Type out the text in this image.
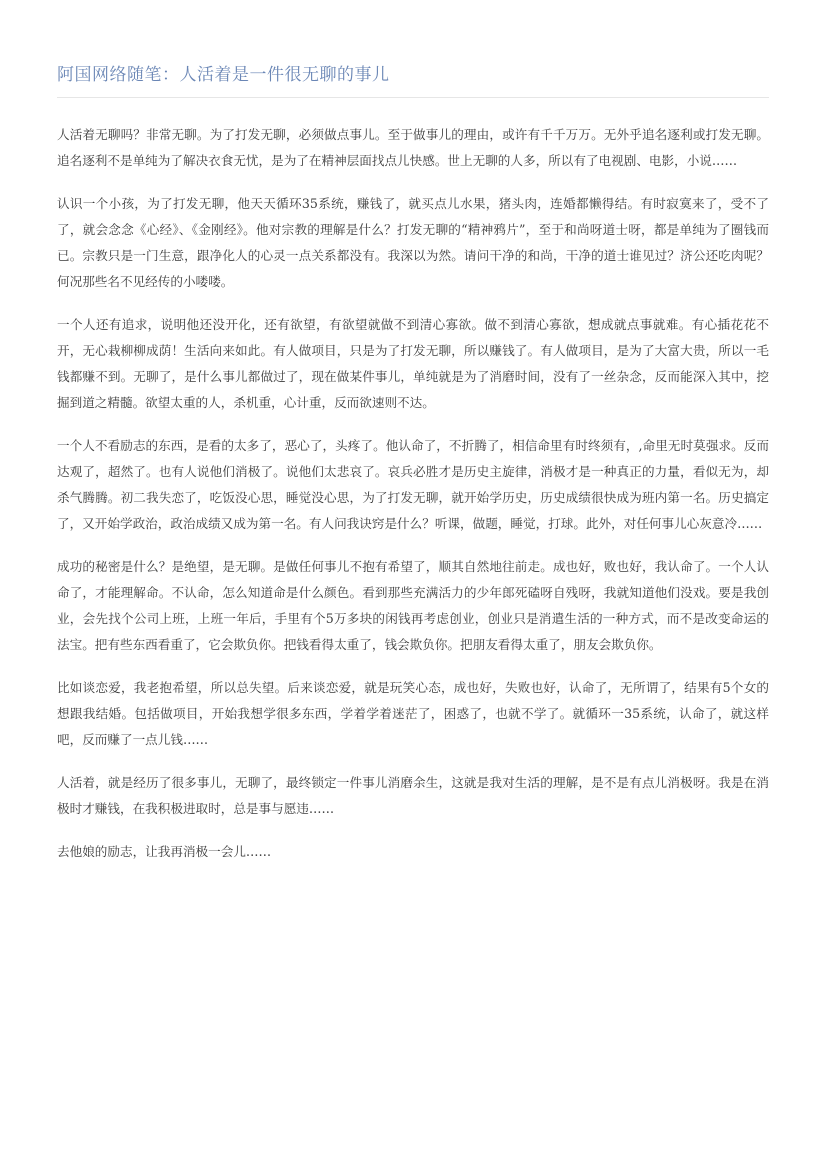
阿国网络随笔：人活着是一件很无聊的事儿

人活着无聊吗？非常无聊。为了打发无聊，必须做点事儿。至于做事儿的理由，或许有千千万万。无外乎追名逐利或打发无聊。追名逐利不是单纯为了解决衣食无忧，是为了在精神层面找点儿快感。世上无聊的人多，所以有了电视剧、电影，小说……

认识一个小孩，为了打发无聊，他天天循环35系统，赚钱了，就买点儿水果，猪头肉，连婚都懒得结。有时寂寞来了，受不了了，就会念念《心经》、《金刚经》。他对宗教的理解是什么？打发无聊的“精神鸦片”，至于和尚呀道士呀，都是单纯为了圈钱而已。宗教只是一门生意，跟净化人的心灵一点关系都没有。我深以为然。请问干净的和尚，干净的道士谁见过？济公还吃肉呢？何况那些名不见经传的小喽喽。

一个人还有追求，说明他还没开化，还有欲望，有欲望就做不到清心寡欲。做不到清心寡欲，想成就点事就难。有心插花花不开，无心栽柳柳成荫！生活向来如此。有人做项目，只是为了打发无聊，所以赚钱了。有人做项目，是为了大富大贵，所以一毛钱都赚不到。无聊了，是什么事儿都做过了，现在做某件事儿，单纯就是为了消磨时间，没有了一丝杂念，反而能深入其中，挖掘到道之精髓。欲望太重的人，杀机重，心计重，反而欲速则不达。

一个人不看励志的东西，是看的太多了，恶心了，头疼了。他认命了，不折腾了，相信命里有时终须有，,命里无时莫强求。反而达观了，超然了。也有人说他们消极了。说他们太悲哀了。哀兵必胜才是历史主旋律，消极才是一种真正的力量，看似无为，却杀气腾腾。初二我失恋了，吃饭没心思，睡觉没心思，为了打发无聊，就开始学历史，历史成绩很快成为班内第一名。历史搞定了，又开始学政治，政治成绩又成为第一名。有人问我诀窍是什么？听课，做题，睡觉，打球。此外，对任何事儿心灰意冷……

成功的秘密是什么？是绝望，是无聊。是做任何事儿不抱有希望了，顺其自然地往前走。成也好，败也好，我认命了。一个人认命了，才能理解命。不认命，怎么知道命是什么颜色。看到那些充满活力的少年郎死磕呀自残呀，我就知道他们没戏。要是我创业，会先找个公司上班，上班一年后，手里有个5万多块的闲钱再考虑创业，创业只是消遣生活的一种方式，而不是改变命运的法宝。把有些东西看重了，它会欺负你。把钱看得太重了，钱会欺负你。把朋友看得太重了，朋友会欺负你。

比如谈恋爱，我老抱希望，所以总失望。后来谈恋爱，就是玩笑心态，成也好，失败也好，认命了，无所谓了，结果有5个女的想跟我结婚。包括做项目，开始我想学很多东西，学着学着迷茫了，困惑了，也就不学了。就循环一35系统，认命了，就这样吧，反而赚了一点儿钱……

人活着，就是经历了很多事儿，无聊了，最终锁定一件事儿消磨余生，这就是我对生活的理解，是不是有点儿消极呀。我是在消极时才赚钱，在我积极进取时，总是事与愿违……

去他娘的励志，让我再消极一会儿……
